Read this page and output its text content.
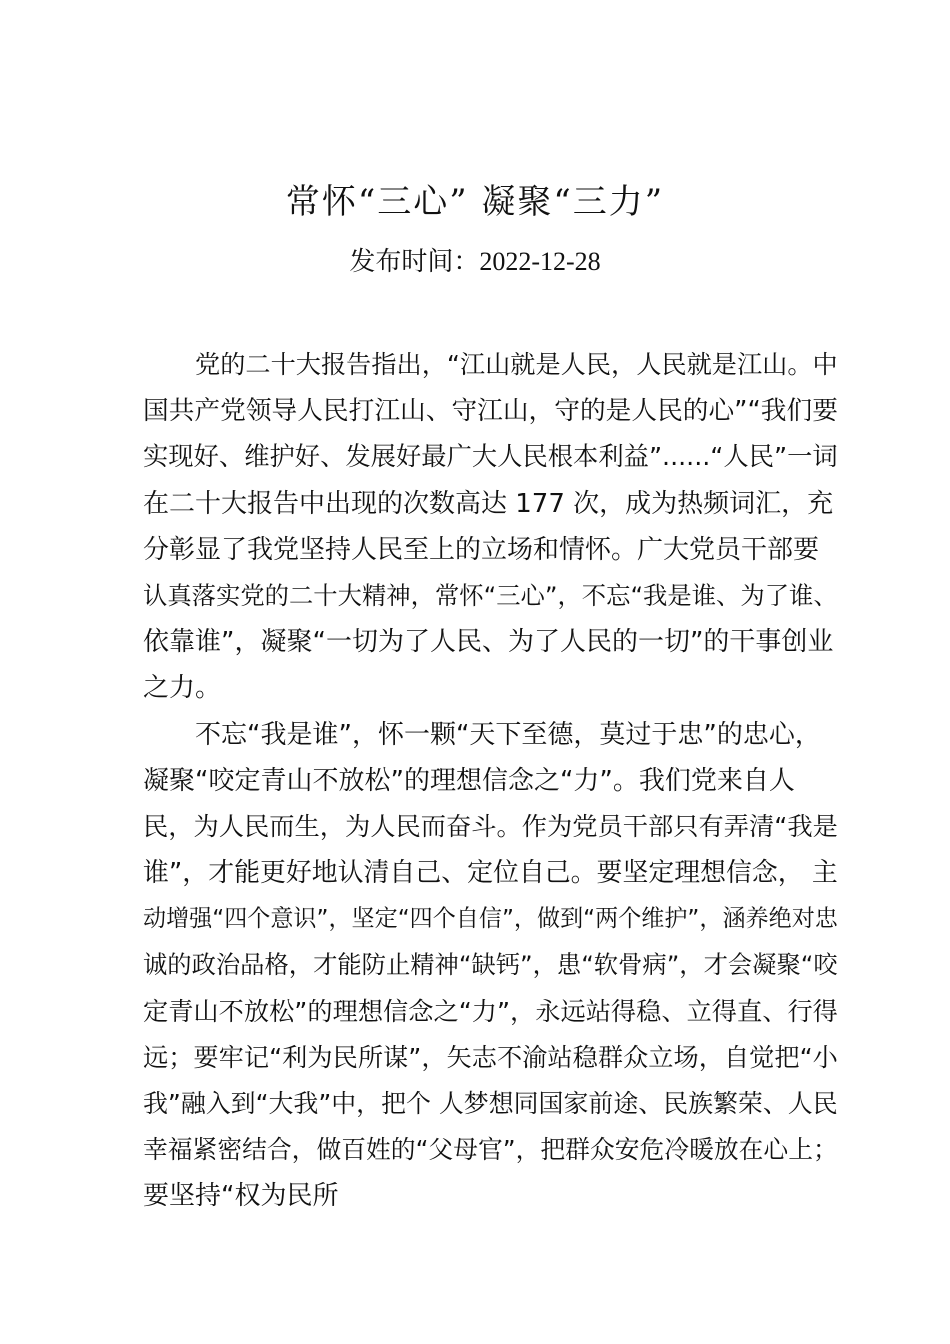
常怀“三心” 凝聚“三力”
发布时间：2022-12-28
党的二十大报告指出，“江山就是人民，人民就是江山。中
国共产党领导人民打江山、守江山，守的是人民的心”“我们要
实现好、维护好、发展好最广大人民根本利益”......“人民”一词
在二十大报告中出现的次数高达 177 次，成为热频词汇，充
分彰显了我党坚持人民至上的立场和情怀。广大党员干部要
认真落实党的二十大精神，常怀“三心”，不忘“我是谁、为了谁、
依靠谁”，凝聚“一切为了人民、为了人民的一切”的干事创业
之力。
不忘“我是谁”，怀一颗“天下至德，莫过于忠”的忠心，
凝聚“咬定青山不放松”的理想信念之“力”。我们党来自人
民，为人民而生，为人民而奋斗。作为党员干部只有弄清“我是
谁”，才能更好地认清自己、定位自己。要坚定理想信念， 主
动增强“四个意识”，坚定“四个自信”，做到“两个维护”，涵养绝对忠
诚的政治品格，才能防止精神“缺钙”，患“软骨病”，才会凝聚“咬
定青山不放松”的理想信念之“力”，永远站得稳、立得直、行得
远；要牢记“利为民所谋”，矢志不渝站稳群众立场，自觉把“小
我”融入到“大我”中，把个 人梦想同国家前途、民族繁荣、人民
幸福紧密结合，做百姓的“父母官”，把群众安危冷暖放在心上；
要坚持“权为民所
